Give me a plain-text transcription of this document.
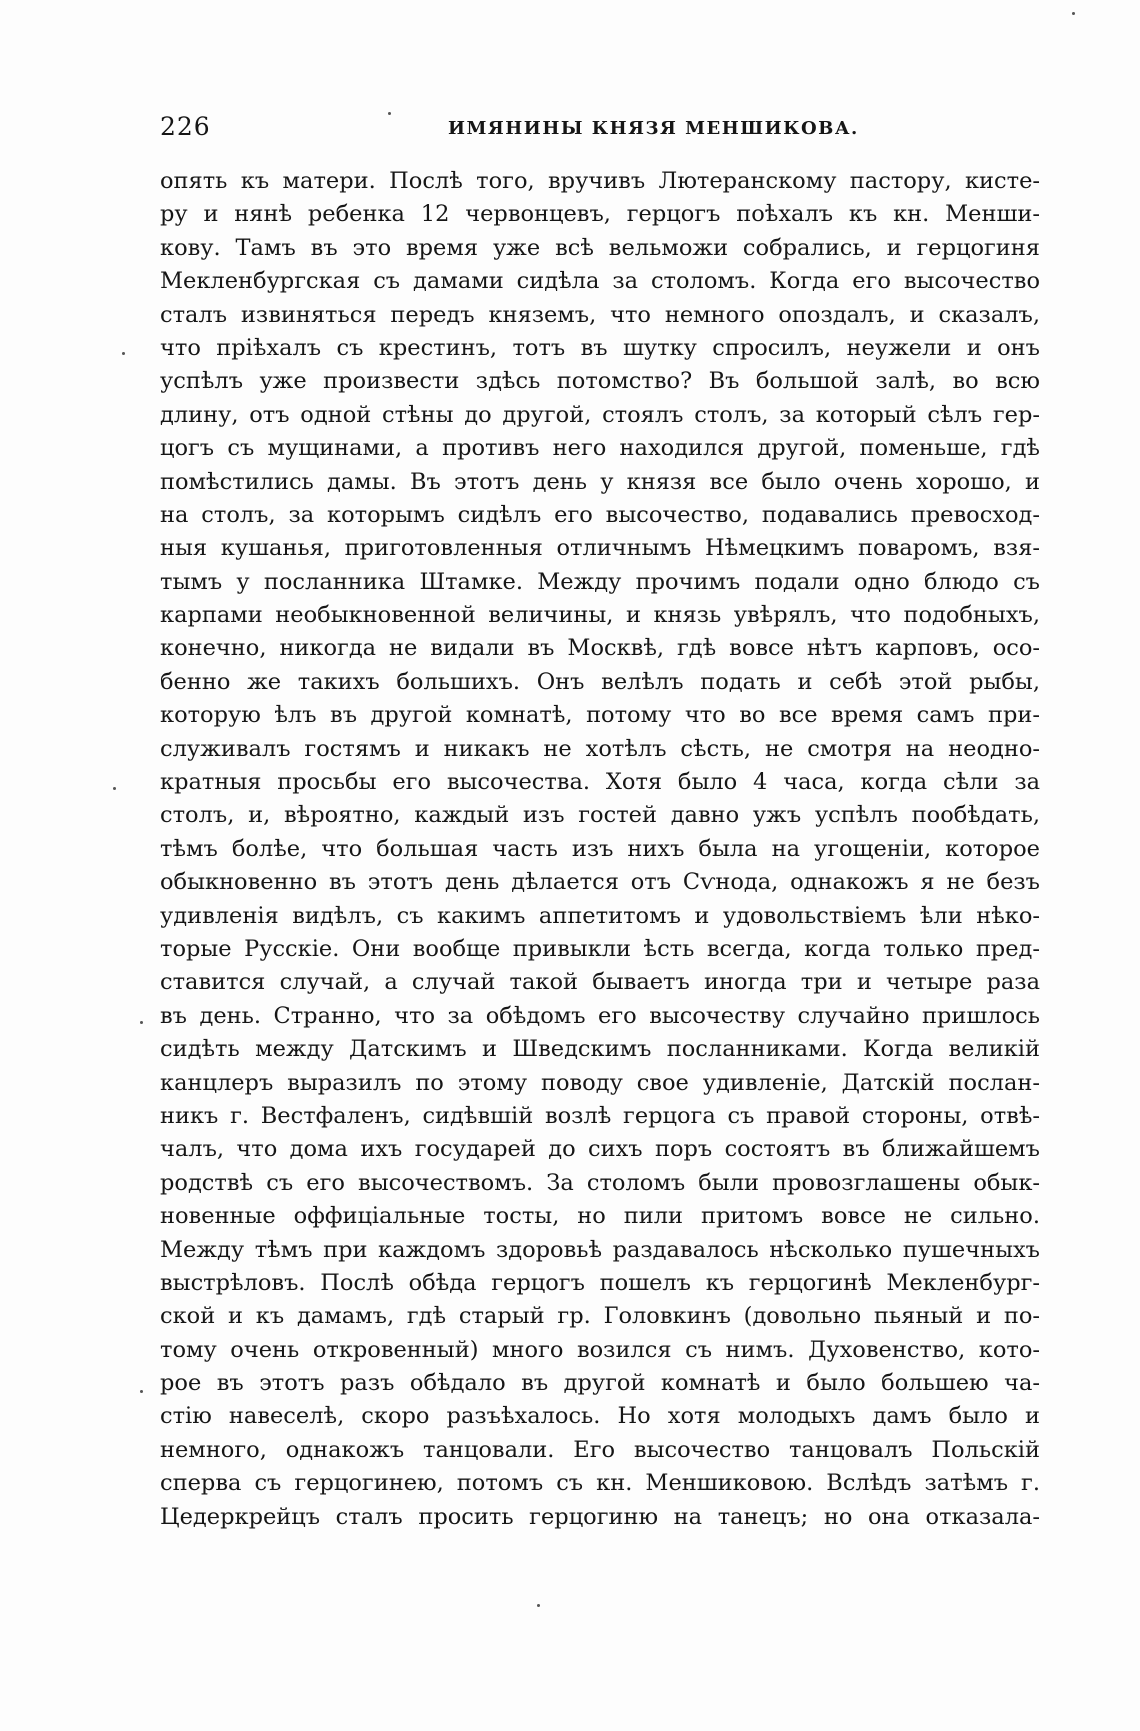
226	ИМЯНИНЫ КНЯЗЯ МЕНШИКОВА.
опять къ матери. Послѣ того, вручивъ Лютеранскому пастору, кисте-
ру и нянѣ ребенка 12 червонцевъ, герцогъ поѣхалъ къ кн. Менши-
кову. Тамъ въ это время уже всѣ вельможи собрались, и герцогиня
Мекленбургская съ дамами сидѣла за столомъ. Когда его высочество
сталъ извиняться передъ княземъ, что немного опоздалъ, и сказалъ,
что пріѣхалъ съ крестинъ, тотъ въ шутку спросилъ, неужели и онъ
успѣлъ уже произвести здѣсь потомство? Въ большой залѣ, во всю
длину, отъ одной стѣны до другой, стоялъ столъ, за который сѣлъ гер-
цогъ съ мущинами, а противъ него находился другой, поменьше, гдѣ
помѣстились дамы. Въ этотъ день у князя все было очень хорошо, и
на столъ, за которымъ сидѣлъ его высочество, подавались превосход-
ныя кушанья, приготовленныя отличнымъ Нѣмецкимъ поваромъ, взя-
тымъ у посланника Штамке. Между прочимъ подали одно блюдо съ
карпами необыкновенной величины, и князь увѣрялъ, что подобныхъ,
конечно, никогда не видали въ Москвѣ, гдѣ вовсе нѣтъ карповъ, осо-
бенно же такихъ большихъ. Онъ велѣлъ подать и себѣ этой рыбы,
которую ѣлъ въ другой комнатѣ, потому что во все время самъ при-
служивалъ гостямъ и никакъ не хотѣлъ сѣсть, не смотря на неодно-
кратныя просьбы его высочества. Хотя было 4 часа, когда сѣли за
столъ, и, вѣроятно, каждый изъ гостей давно ужъ успѣлъ пообѣдать,
тѣмъ болѣе, что большая часть изъ нихъ была на угощеніи, которое
обыкновенно въ этотъ день дѣлается отъ Сѵнода, однакожъ я не безъ
удивленія видѣлъ, съ какимъ аппетитомъ и удовольствіемъ ѣли нѣко-
торые Русскіе. Они вообще привыкли ѣсть всегда, когда только пред-
ставится случай, а случай такой бываетъ иногда три и четыре раза
въ день. Странно, что за обѣдомъ его высочеству случайно пришлось
сидѣть между Датскимъ и Шведскимъ посланниками. Когда великій
канцлеръ выразилъ по этому поводу свое удивленіе, Датскій послан-
никъ г. Вестфаленъ, сидѣвшій возлѣ герцога съ правой стороны, отвѣ-
чалъ, что дома ихъ государей до сихъ поръ состоятъ въ ближайшемъ
родствѣ съ его высочествомъ. За столомъ были провозглашены обык-
новенные оффиціальные тосты, но пили притомъ вовсе не сильно.
Между тѣмъ при каждомъ здоровьѣ раздавалось нѣсколько пушечныхъ
выстрѣловъ. Послѣ обѣда герцогъ пошелъ къ герцогинѣ Мекленбург-
ской и къ дамамъ, гдѣ старый гр. Головкинъ (довольно пьяный и по-
тому очень откровенный) много возился съ нимъ. Духовенство, кото-
рое въ этотъ разъ обѣдало въ другой комнатѣ и было большею ча-
стію навеселѣ, скоро разъѣхалось. Но хотя молодыхъ дамъ было и
немного, однакожъ танцовали. Его высочество танцовалъ Польскій
сперва съ герцогинею, потомъ съ кн. Меншиковою. Вслѣдъ затѣмъ г.
Цедеркрейцъ сталъ просить герцогиню на танецъ; но она отказала-
